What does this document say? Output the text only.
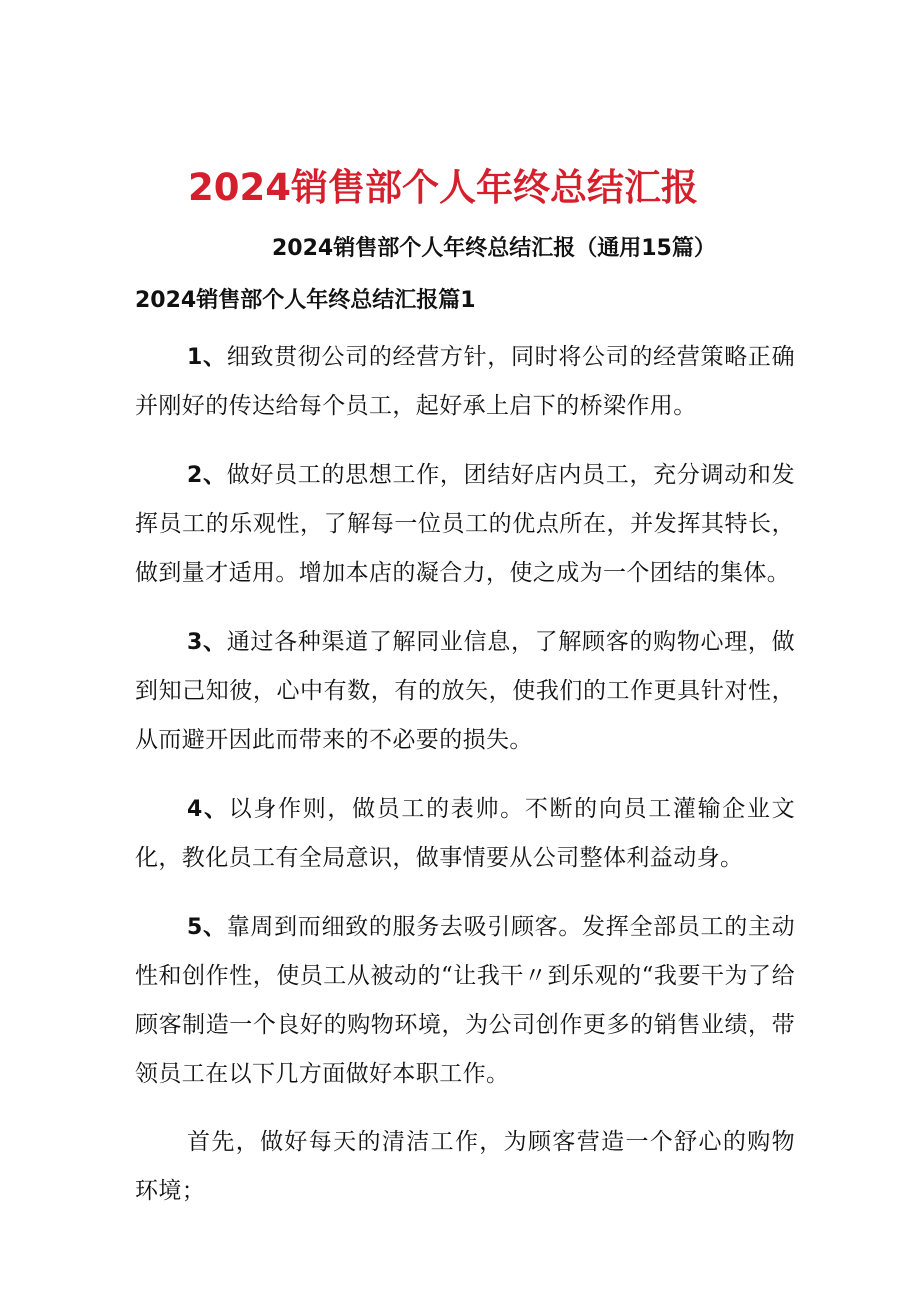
2024销售部个人年终总结汇报
2024销售部个人年终总结汇报（通用15篇）
2024销售部个人年终总结汇报篇1

1、细致贯彻公司的经营方针，同时将公司的经营策略正确并刚好的传达给每个员工，起好承上启下的桥梁作用。

2、做好员工的思想工作，团结好店内员工，充分调动和发挥员工的乐观性，了解每一位员工的优点所在，并发挥其特长，做到量才适用。增加本店的凝合力，使之成为一个团结的集体。

3、通过各种渠道了解同业信息，了解顾客的购物心理，做到知己知彼，心中有数，有的放矢，使我们的工作更具针对性，从而避开因此而带来的不必要的损失。

4、以身作则，做员工的表帅。不断的向员工灌输企业文化，教化员工有全局意识，做事情要从公司整体利益动身。

5、靠周到而细致的服务去吸引顾客。发挥全部员工的主动性和创作性，使员工从被动的“让我干〃到乐观的“我要干为了给顾客制造一个良好的购物环境，为公司创作更多的销售业绩，带领员工在以下几方面做好本职工作。

首先，做好每天的清洁工作，为顾客营造一个舒心的购物环境；
